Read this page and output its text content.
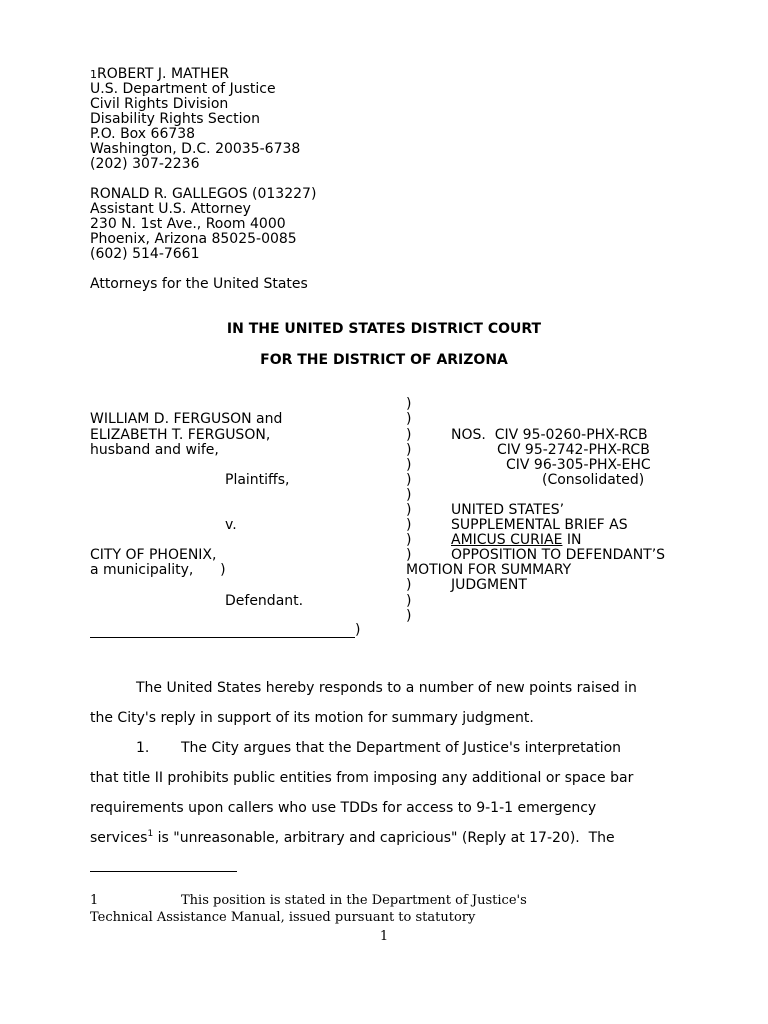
1ROBERT J. MATHER
U.S. Department of Justice
Civil Rights Division
Disability Rights Section
P.O. Box 66738
Washington, D.C. 20035-6738
(202) 307-2236
RONALD R. GALLEGOS (013227)
Assistant U.S. Attorney
230 N. 1st Ave., Room 4000
Phoenix, Arizona 85025-0085
(602) 514-7661
Attorneys for the United States
IN THE UNITED STATES DISTRICT COURT
FOR THE DISTRICT OF ARIZONA
WILLIAM D. FERGUSON and
ELIZABETH T. FERGUSON,
husband and wife,
Plaintiffs,
v.
CITY OF PHOENIX,
a municipality, )
Defendant.
)
)
)
)
)
)
)
)
)
)
)
)
)
)
)
NOS. CIV 95-0260-PHX-RCB
CIV 95-2742-PHX-RCB
CIV 96-305-PHX-EHC
(Consolidated)
UNITED STATES’
SUPPLEMENTAL BRIEF AS
AMICUS CURIAE IN
OPPOSITION TO DEFENDANT’S
MOTION FOR SUMMARY
JUDGMENT
The United States hereby responds to a number of new points raised in
the City's reply in support of its motion for summary judgment.
1. The City argues that the Department of Justice's interpretation
that title II prohibits public entities from imposing any additional or space bar
requirements upon callers who use TDDs for access to 9-1-1 emergency
services$^1$ is "unreasonable, arbitrary and capricious" (Reply at 17-20).  The
1	This position is stated in the Department of Justice's
Technical Assistance Manual, issued pursuant to statutory
1
